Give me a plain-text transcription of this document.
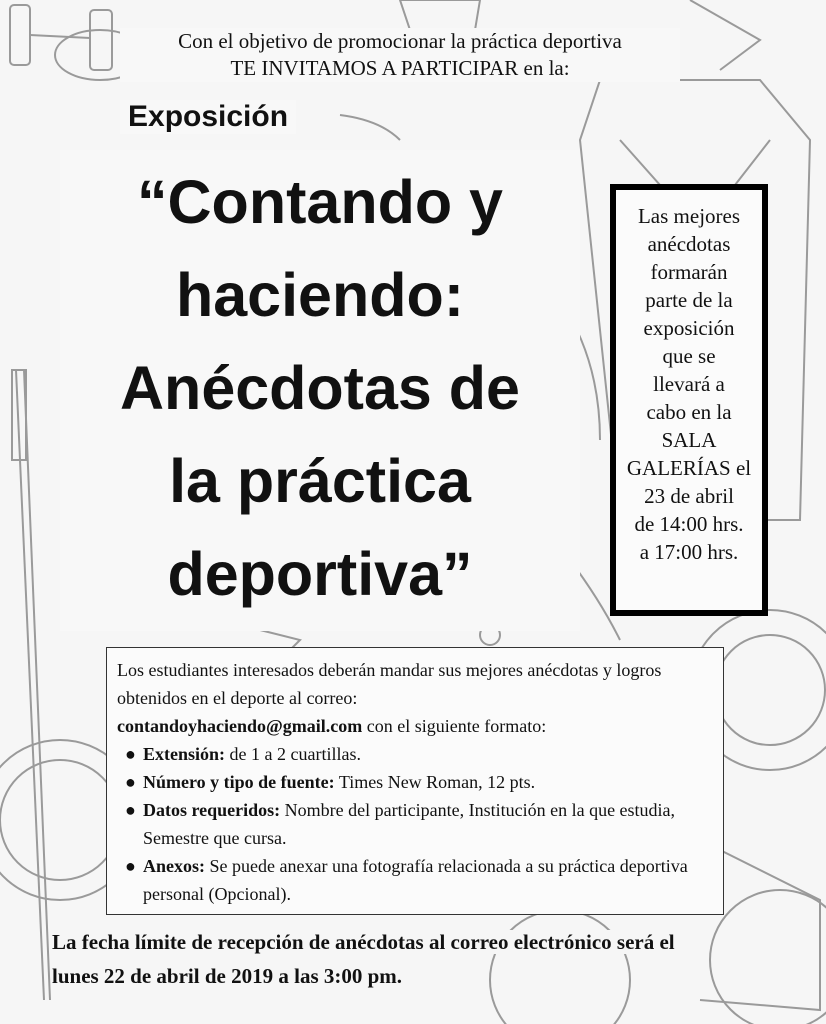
Con el objetivo de promocionar la práctica deportiva
TE INVITAMOS A PARTICIPAR en la:
Exposición
“Contando y
haciendo:
Anécdotas de
la práctica
deportiva”
Las mejores
anécdotas
formarán
parte de la
exposición
que se
llevará a
cabo en la
SALA
GALERÍAS el
23 de abril
de 14:00 hrs.
a 17:00 hrs.

Los estudiantes interesados deberán mandar sus mejores anécdotas y logros obtenidos en el deporte al correo:

contandoyhaciendo@gmail.com con el siguiente formato:

● Extensión: de 1 a 2 cuartillas.
● Número y tipo de fuente: Times New Roman, 12 pts.
● Datos requeridos: Nombre del participante, Institución en la que estudia, Semestre que cursa.
● Anexos: Se puede anexar una fotografía relacionada a su práctica deportiva personal (Opcional).
La fecha límite de recepción de anécdotas al correo electrónico será el
lunes 22 de abril de 2019 a las 3:00 pm.
